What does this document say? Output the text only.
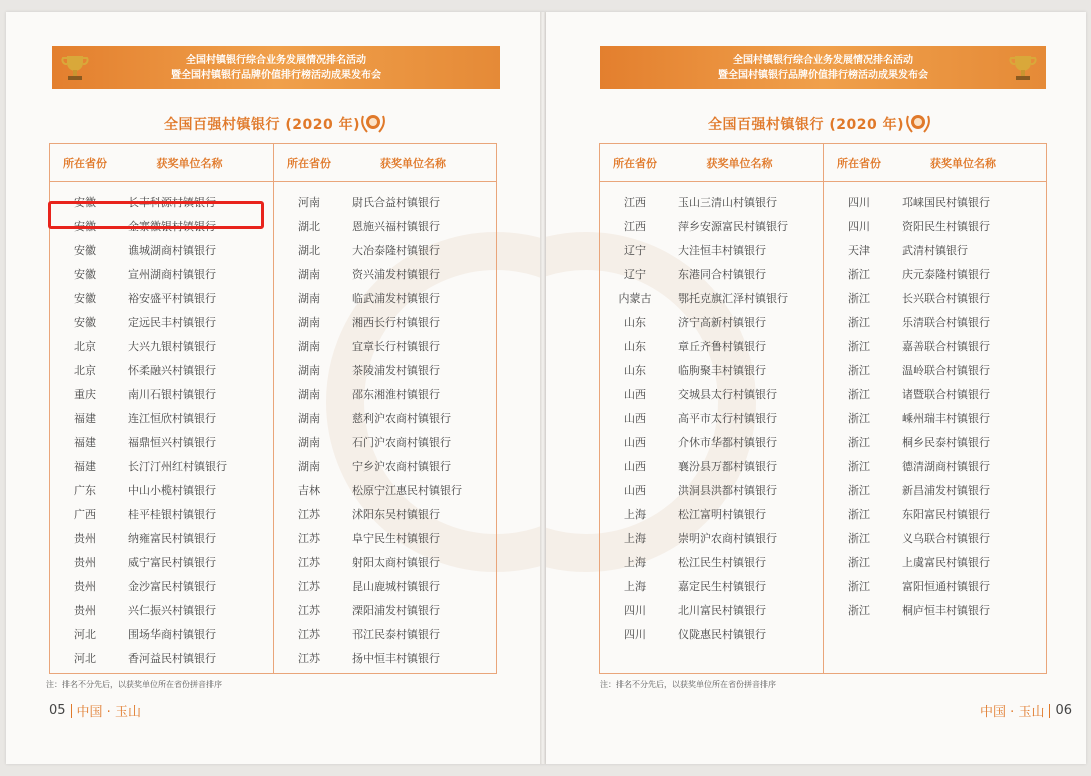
全国村镇银行综合业务发展情况排名活动
暨全国村镇银行品牌价值排行榜活动成果发布会
全国百强村镇银行 (2020 年)
所在省份	获奖单位名称
安徽	长丰科源村镇银行
安徽	金寨徽银村镇银行
安徽	谯城湖商村镇银行
安徽	宣州湖商村镇银行
安徽	裕安盛平村镇银行
安徽	定远民丰村镇银行
北京	大兴九银村镇银行
北京	怀柔融兴村镇银行
重庆	南川石银村镇银行
福建	连江恒欣村镇银行
福建	福鼎恒兴村镇银行
福建	长汀汀州红村镇银行
广东	中山小榄村镇银行
广西	桂平桂银村镇银行
贵州	纳雍富民村镇银行
贵州	威宁富民村镇银行
贵州	金沙富民村镇银行
贵州	兴仁振兴村镇银行
河北	围场华商村镇银行
河北	香河益民村镇银行
所在省份	获奖单位名称
河南	尉氏合益村镇银行
湖北	恩施兴福村镇银行
湖北	大冶泰隆村镇银行
湖南	资兴浦发村镇银行
湖南	临武浦发村镇银行
湖南	湘西长行村镇银行
湖南	宜章长行村镇银行
湖南	茶陵浦发村镇银行
湖南	邵东湘淮村镇银行
湖南	慈利沪农商村镇银行
湖南	石门沪农商村镇银行
湖南	宁乡沪农商村镇银行
吉林	松原宁江惠民村镇银行
江苏	沭阳东吴村镇银行
江苏	阜宁民生村镇银行
江苏	射阳太商村镇银行
江苏	昆山鹿城村镇银行
江苏	溧阳浦发村镇银行
江苏	邗江民泰村镇银行
江苏	扬中恒丰村镇银行
注：排名不分先后，以获奖单位所在省份拼音排序
05 中国 · 玉山
全国村镇银行综合业务发展情况排名活动
暨全国村镇银行品牌价值排行榜活动成果发布会
全国百强村镇银行 (2020 年)
所在省份	获奖单位名称
江西	玉山三清山村镇银行
江西	萍乡安源富民村镇银行
辽宁	大洼恒丰村镇银行
辽宁	东港同合村镇银行
内蒙古	鄂托克旗汇泽村镇银行
山东	济宁高新村镇银行
山东	章丘齐鲁村镇银行
山东	临朐聚丰村镇银行
山西	交城县太行村镇银行
山西	高平市太行村镇银行
山西	介休市华都村镇银行
山西	襄汾县万都村镇银行
山西	洪洞县洪都村镇银行
上海	松江富明村镇银行
上海	崇明沪农商村镇银行
上海	松江民生村镇银行
上海	嘉定民生村镇银行
四川	北川富民村镇银行
四川	仪陇惠民村镇银行
所在省份	获奖单位名称
四川	邛崃国民村镇银行
四川	资阳民生村镇银行
天津	武清村镇银行
浙江	庆元泰隆村镇银行
浙江	长兴联合村镇银行
浙江	乐清联合村镇银行
浙江	嘉善联合村镇银行
浙江	温岭联合村镇银行
浙江	诸暨联合村镇银行
浙江	嵊州瑞丰村镇银行
浙江	桐乡民泰村镇银行
浙江	德清湖商村镇银行
浙江	新昌浦发村镇银行
浙江	东阳富民村镇银行
浙江	义乌联合村镇银行
浙江	上虞富民村镇银行
浙江	富阳恒通村镇银行
浙江	桐庐恒丰村镇银行
注：排名不分先后，以获奖单位所在省份拼音排序
中国 · 玉山 06
